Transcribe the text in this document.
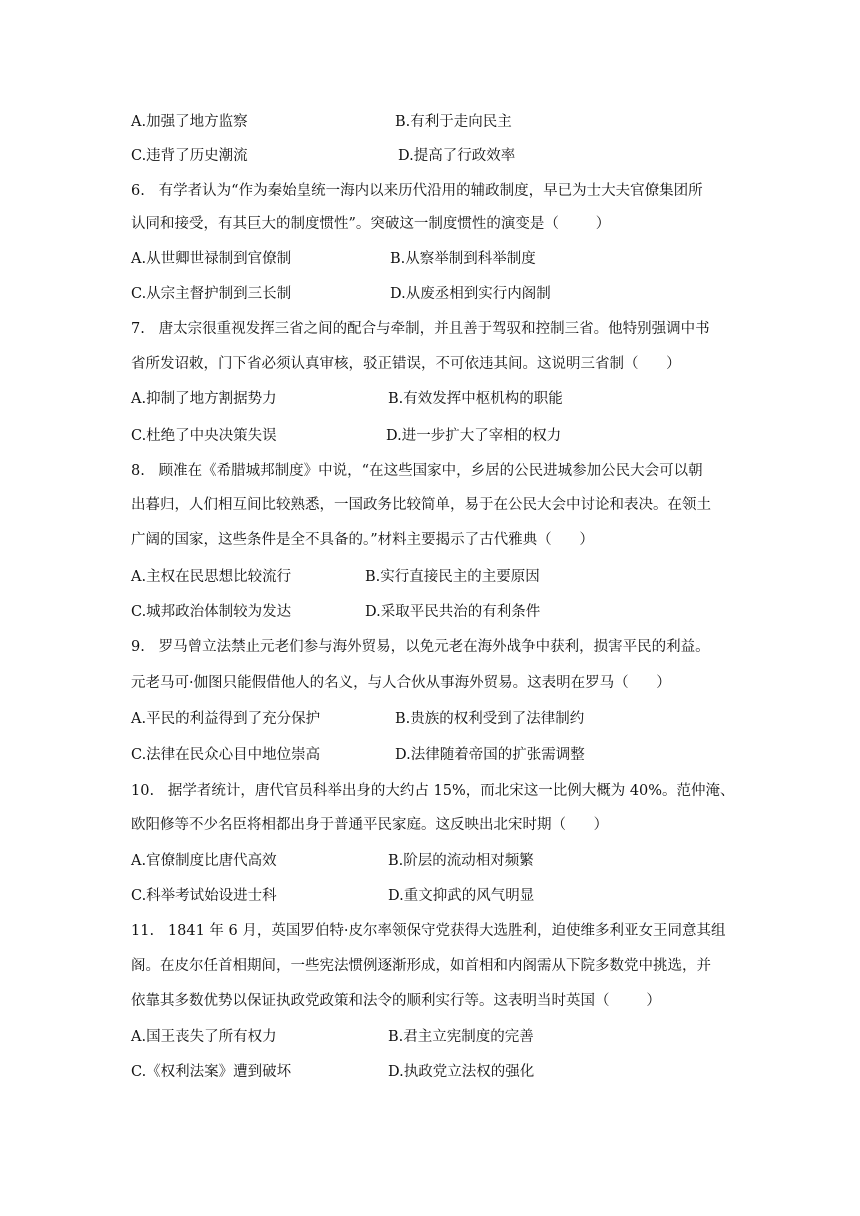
A.加强了地方监察	B.有利于走向民主
C.违背了历史潮流	D.提高了行政效率
6.   有学者认为“作为秦始皇统一海内以来历代沿用的辅政制度，早已为士大夫官僚集团所
认同和接受，有其巨大的制度惯性”。突破这一制度惯性的演变是（        ）
A.从世卿世禄制到官僚制	B.从察举制到科举制度
C.从宗主督护制到三长制	D.从废丞相到实行内阁制
7.   唐太宗很重视发挥三省之间的配合与牵制，并且善于驾驭和控制三省。他特别强调中书
省所发诏敕，门下省必须认真审核，驳正错误，不可依违其间。这说明三省制（      ）
A.抑制了地方割据势力	B.有效发挥中枢机构的职能
C.杜绝了中央决策失误	D.进一步扩大了宰相的权力
8.   顾准在《希腊城邦制度》中说，“在这些国家中，乡居的公民进城参加公民大会可以朝
出暮归，人们相互间比较熟悉，一国政务比较简单，易于在公民大会中讨论和表决。在领土
广阔的国家，这些条件是全不具备的。”材料主要揭示了古代雅典（      ）
A.主权在民思想比较流行	B.实行直接民主的主要原因
C.城邦政治体制较为发达	D.采取平民共治的有利条件
9.   罗马曾立法禁止元老们参与海外贸易，以免元老在海外战争中获利，损害平民的利益。
元老马可·伽图只能假借他人的名义，与人合伙从事海外贸易。这表明在罗马（      ）
A.平民的利益得到了充分保护	B.贵族的权利受到了法律制约
C.法律在民众心目中地位崇高	D.法律随着帝国的扩张需调整
10.   据学者统计，唐代官员科举出身的大约占 15%，而北宋这一比例大概为 40%。范仲淹、
欧阳修等不少名臣将相都出身于普通平民家庭。这反映出北宋时期（      ）
A.官僚制度比唐代高效	B.阶层的流动相对频繁
C.科举考试始设进士科	D.重文抑武的风气明显
11.   1841 年 6 月，英国罗伯特·皮尔率领保守党获得大选胜利，迫使维多利亚女王同意其组
阁。在皮尔任首相期间，一些宪法惯例逐渐形成，如首相和内阁需从下院多数党中挑选，并
依靠其多数优势以保证执政党政策和法令的顺利实行等。这表明当时英国（        ）
A.国王丧失了所有权力	B.君主立宪制度的完善
C.《权利法案》遭到破坏	D.执政党立法权的强化
